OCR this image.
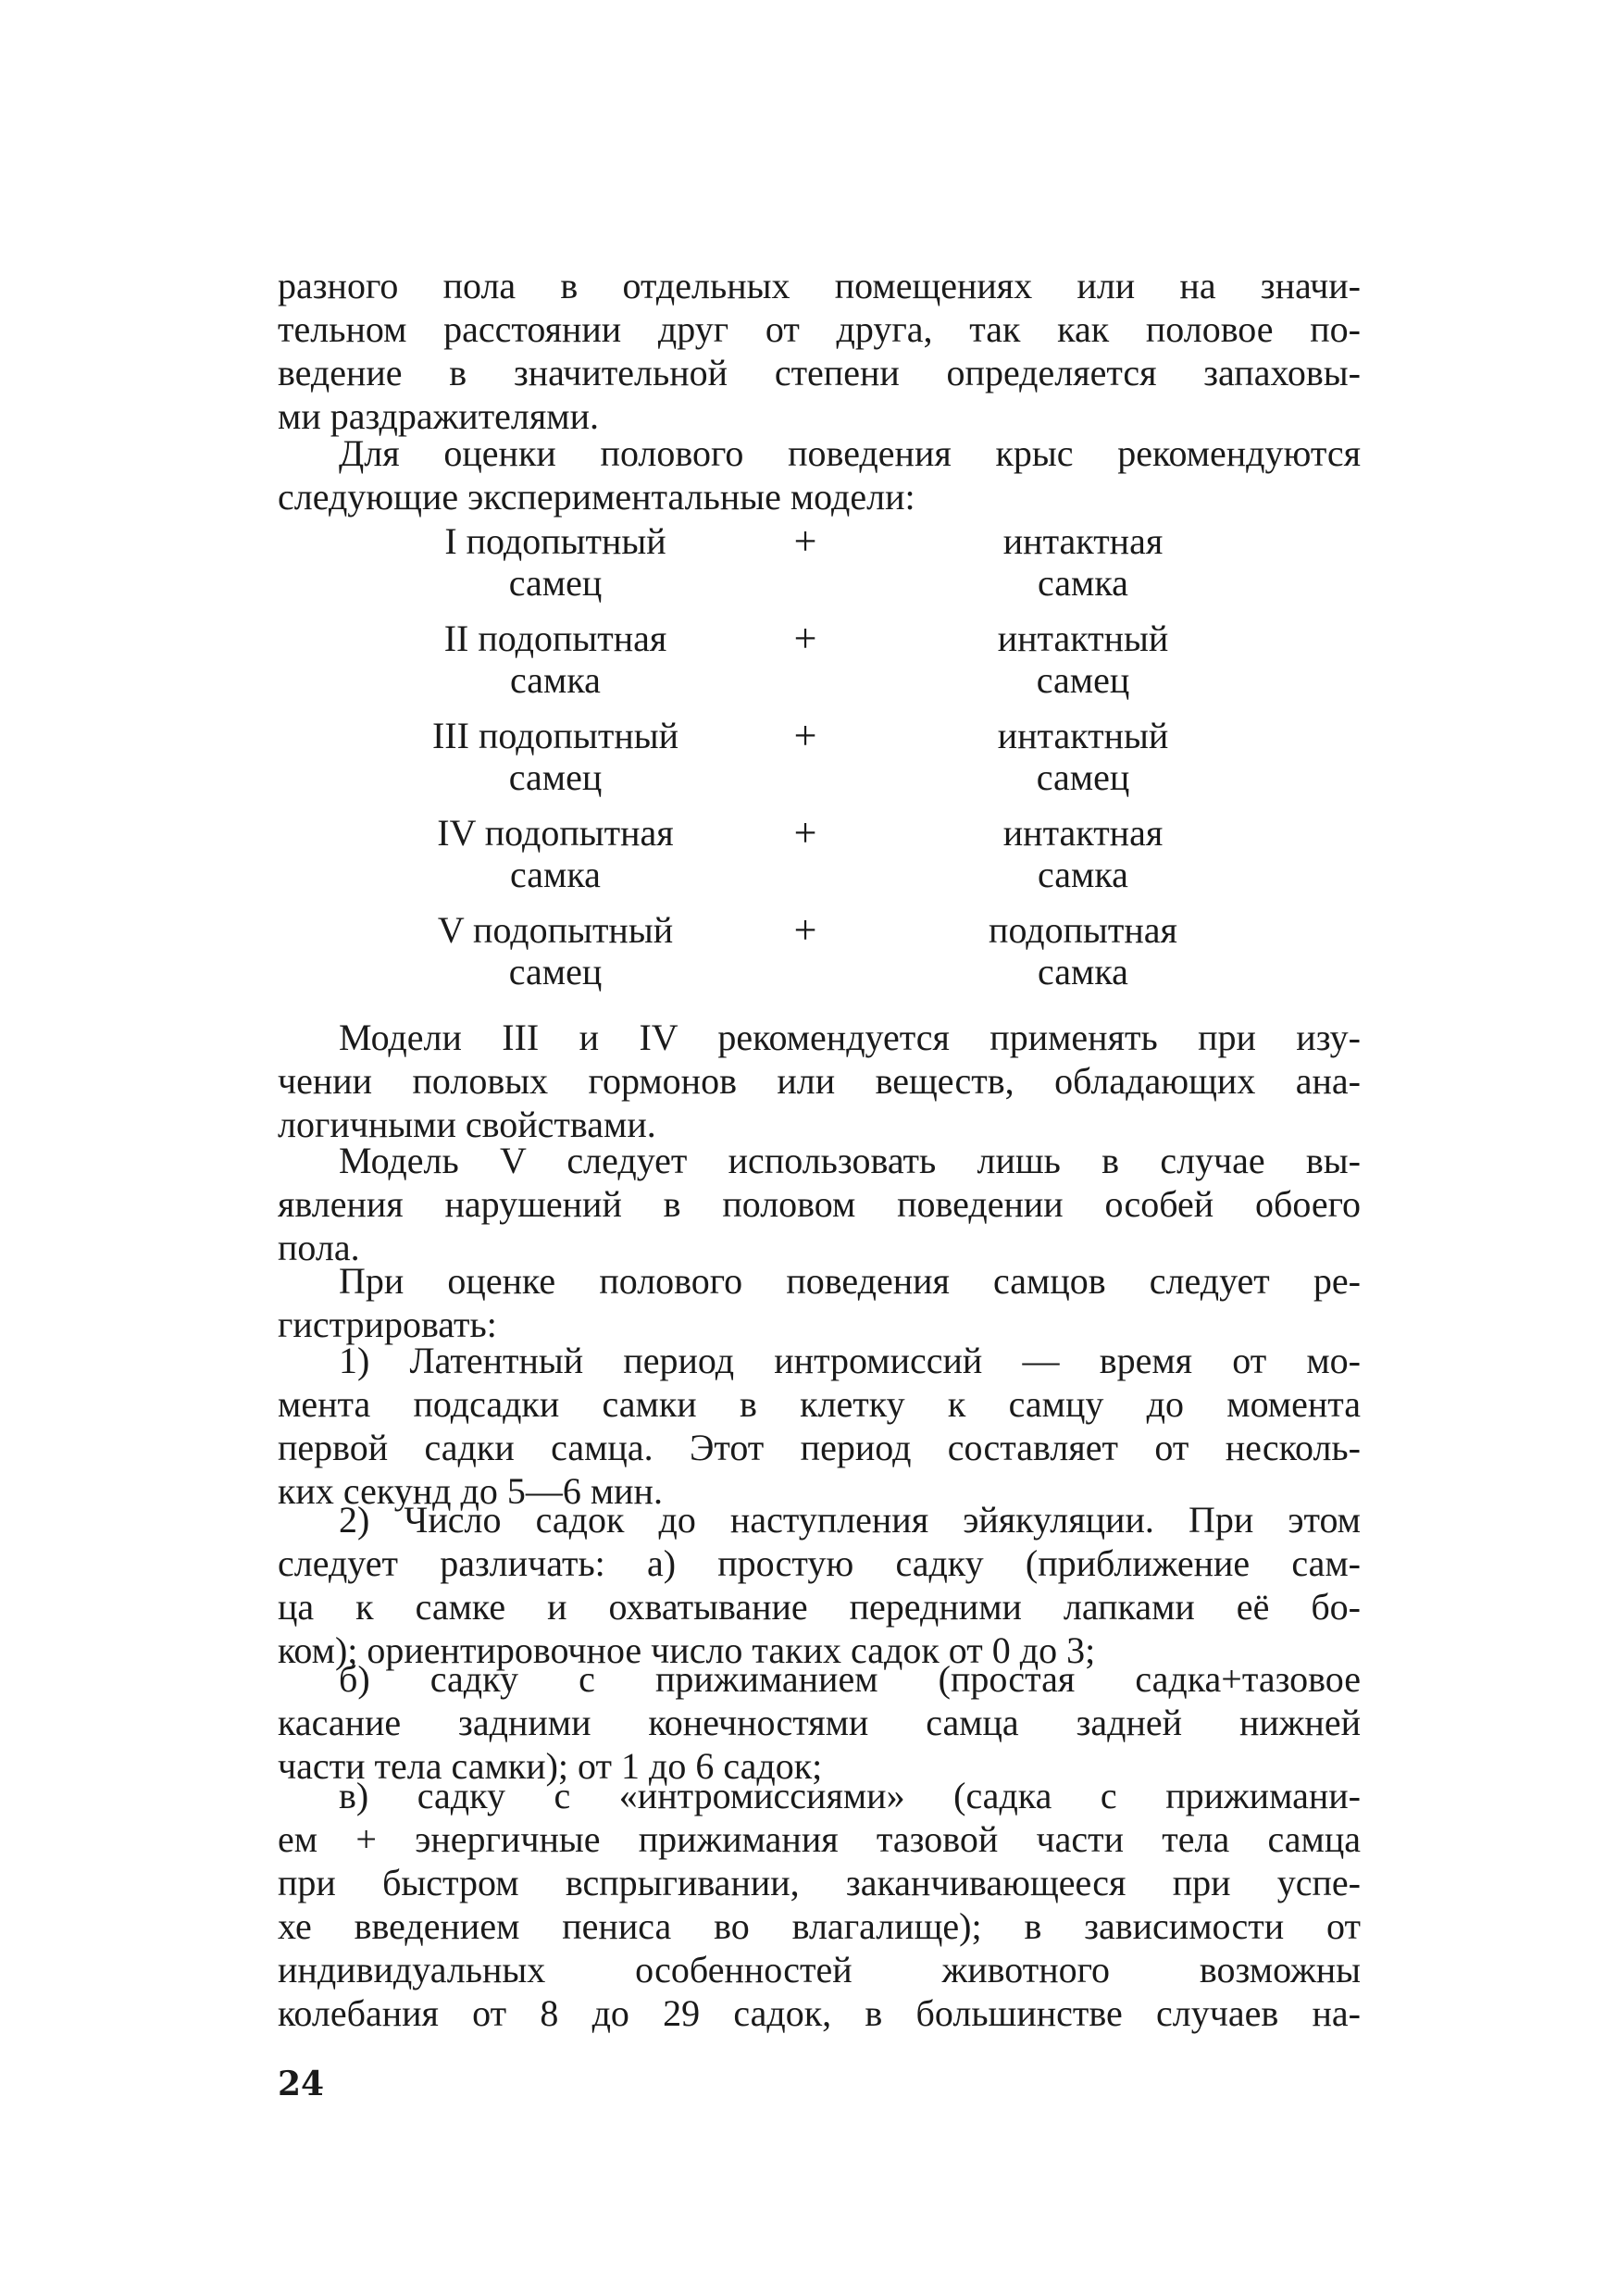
разного пола в отдельных помещениях или на значи-
тельном расстоянии друг от друга, так как половое по-
ведение в значительной степени определяется запаховы-
ми раздражителями.
Для оценки полового поведения крыс рекомендуются
следующие экспериментальные модели:
I подопытный
самец
+	интактная
самка
II подопытная
самка
+	интактный
самец
III подопытный
самец
+	интактный
самец
IV подопытная
самка
+	интактная
самка
V подопытный
самец
+	подопытная
самка
Модели III и IV рекомендуется применять при изу-
чении половых гормонов или веществ, обладающих ана-
логичными свойствами.
Модель V следует использовать лишь в случае вы-
явления нарушений в половом поведении особей обоего
пола.
При оценке полового поведения самцов следует ре-
гистрировать:
1) Латентный период интромиссий — время от мо-
мента подсадки самки в клетку к самцу до момента
первой садки самца. Этот период составляет от несколь-
ких секунд до 5—6 мин.
2) Число садок до наступления эйякуляции. При этом
следует различать: а) простую садку (приближение сам-
ца к самке и охватывание передними лапками её бо-
ком); ориентировочное число таких садок от 0 до 3;
б) садку с прижиманием (простая садка+тазовое
касание задними конечностями самца задней нижней
части тела самки); от 1 до 6 садок;
в) садку с «интромиссиями» (садка с прижимани-
ем + энергичные прижимания тазовой части тела самца
при быстром вспрыгивании, заканчивающееся при успе-
хе введением пениса во влагалище); в зависимости от
индивидуальных особенностей животного возможны
колебания от 8 до 29 садок, в большинстве случаев на-
24
